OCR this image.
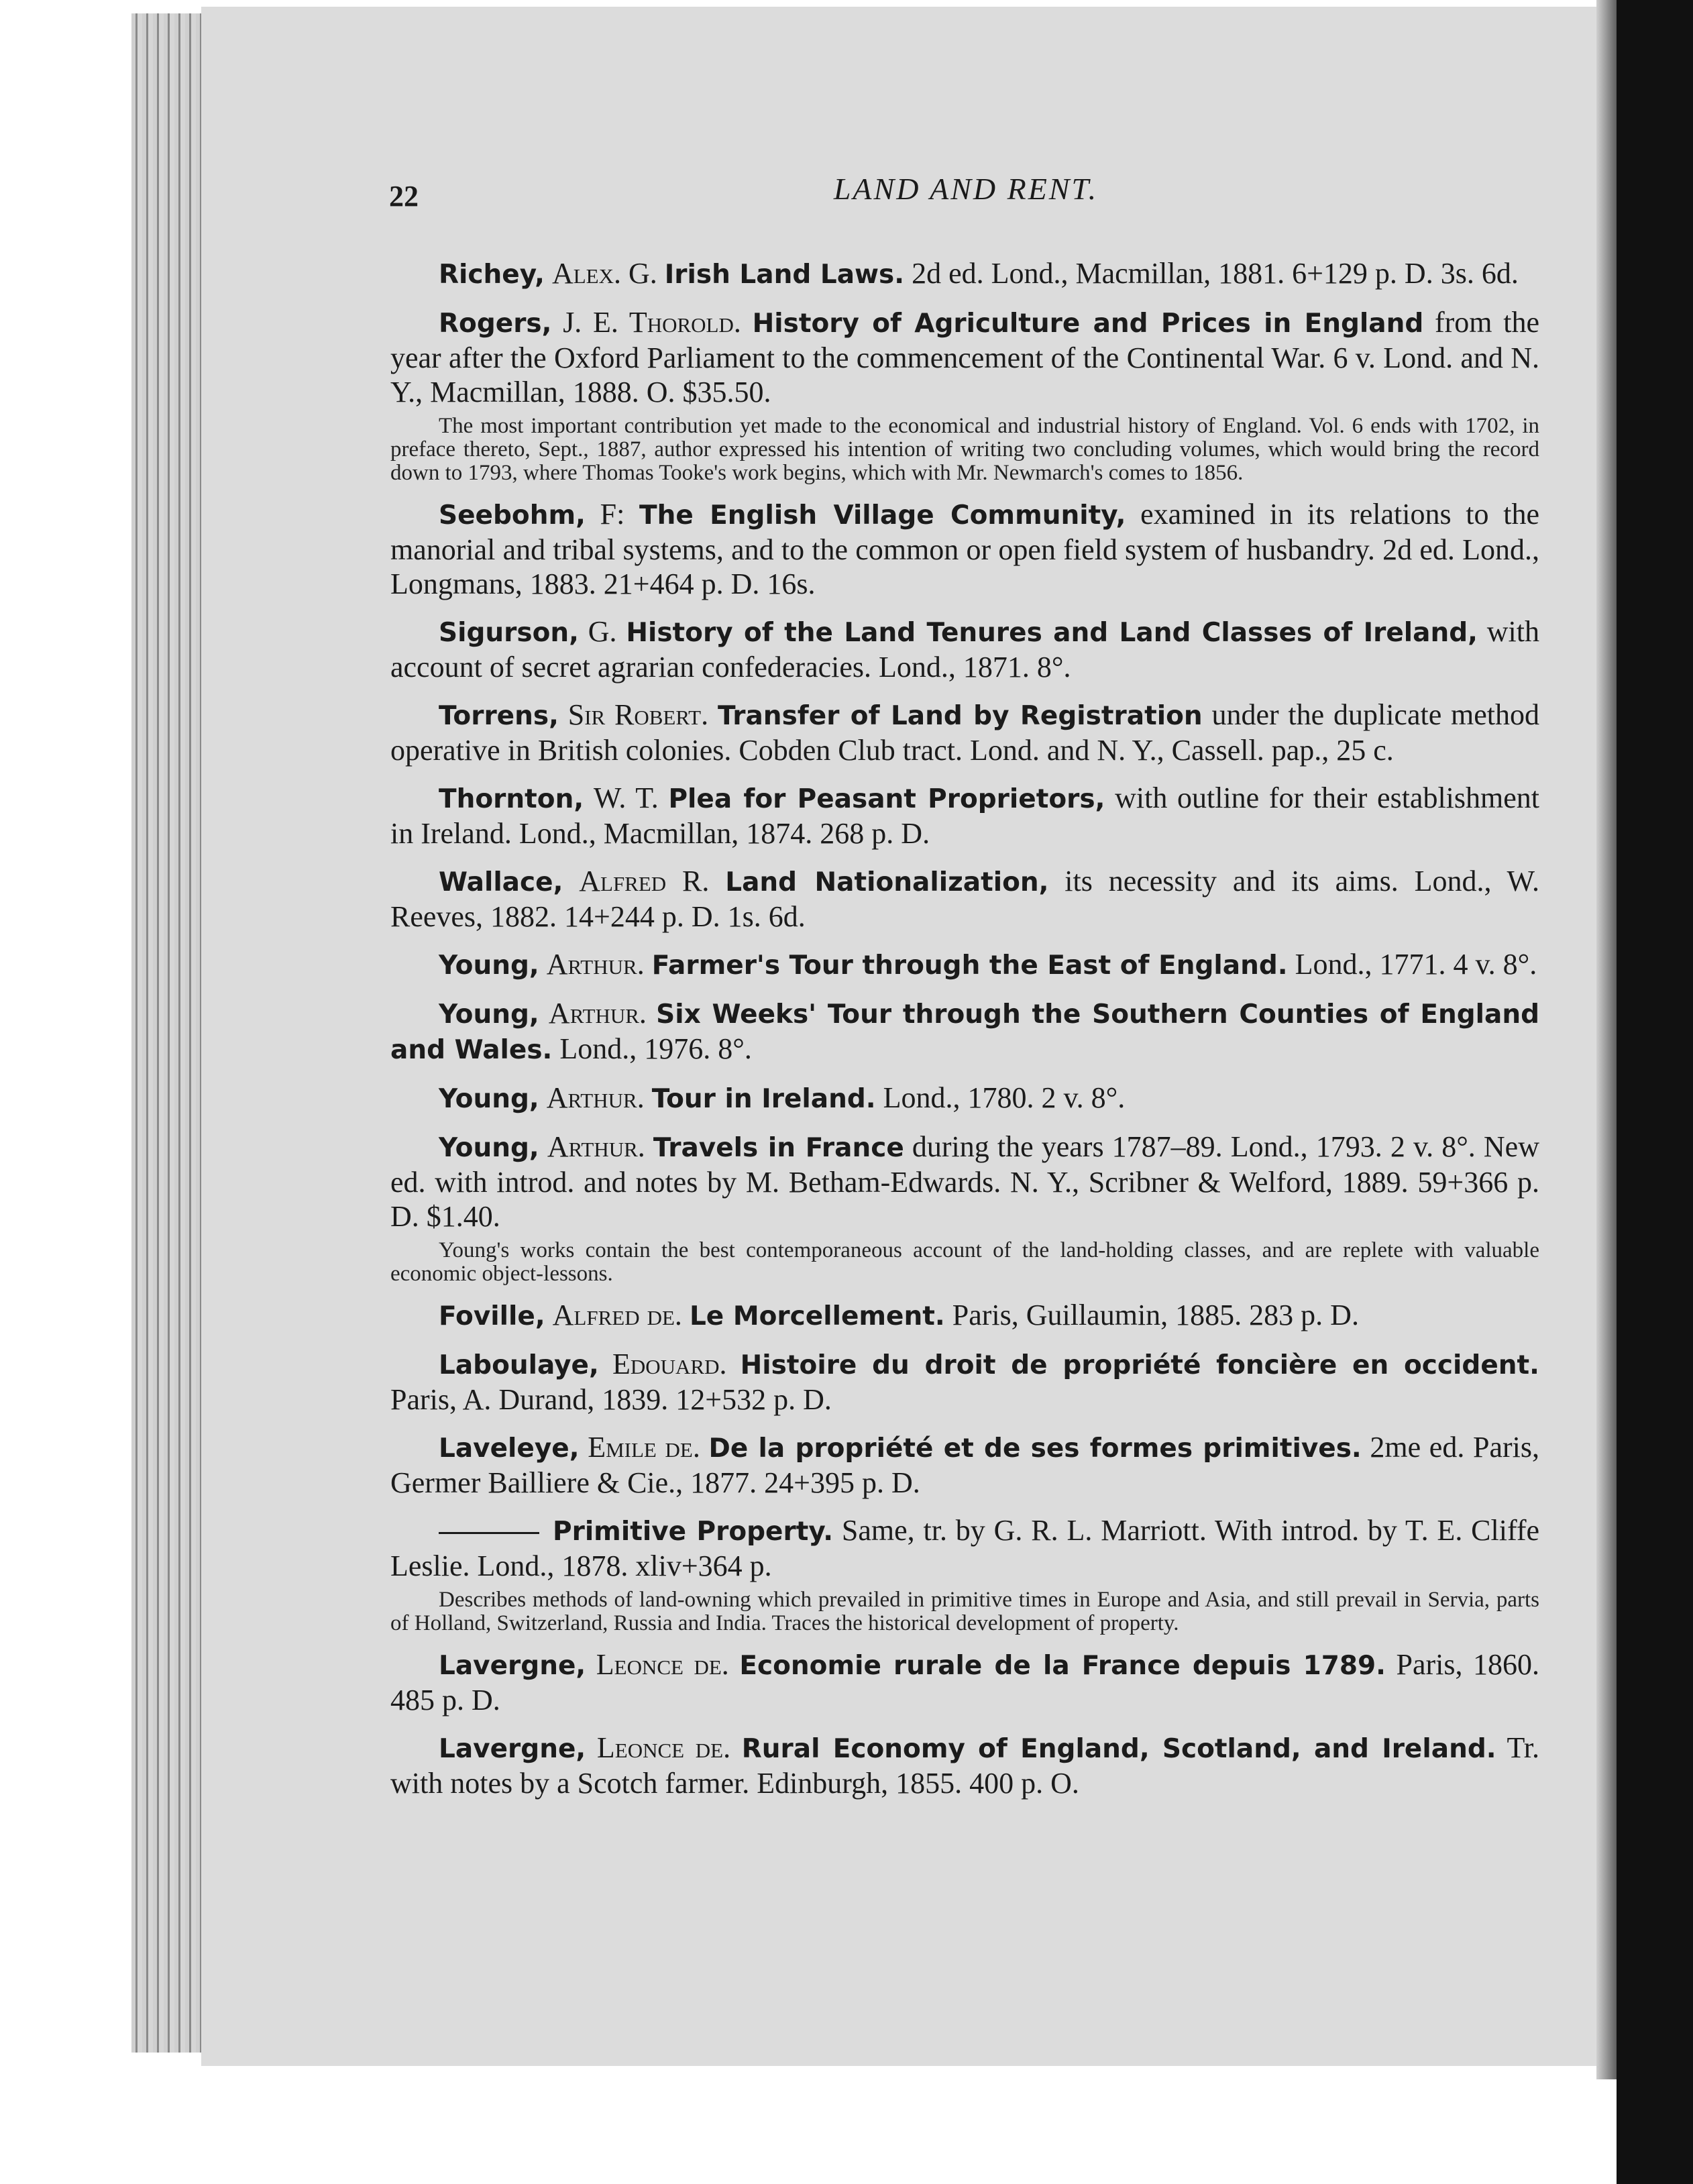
22	LAND AND RENT.

Richey, Alex. G. Irish Land Laws. 2d ed. Lond., Macmillan, 1881. 6+129 p. D. 3s. 6d.

Rogers, J. E. Thorold. History of Agriculture and Prices in England from the year after the Oxford Parliament to the commencement of the Continental War. 6 v. Lond. and N. Y., Macmillan, 1888. O. $35.50.

The most important contribution yet made to the economical and industrial history of England. Vol. 6 ends with 1702, in preface thereto, Sept., 1887, author expressed his intention of writing two concluding volumes, which would bring the record down to 1793, where Thomas Tooke's work begins, which with Mr. Newmarch's comes to 1856.

Seebohm, F: The English Village Community, examined in its relations to the manorial and tribal systems, and to the common or open field system of husbandry. 2d ed. Lond., Longmans, 1883. 21+464 p. D. 16s.

Sigurson, G. History of the Land Tenures and Land Classes of Ireland, with account of secret agrarian confederacies. Lond., 1871. 8°.

Torrens, Sir Robert. Transfer of Land by Registration under the duplicate method operative in British colonies. Cobden Club tract. Lond. and N. Y., Cassell. pap., 25 c.

Thornton, W. T. Plea for Peasant Proprietors, with outline for their establishment in Ireland. Lond., Macmillan, 1874. 268 p. D.

Wallace, Alfred R. Land Nationalization, its necessity and its aims. Lond., W. Reeves, 1882. 14+244 p. D. 1s. 6d.

Young, Arthur. Farmer's Tour through the East of England. Lond., 1771. 4 v. 8°.

Young, Arthur. Six Weeks' Tour through the Southern Counties of England and Wales. Lond., 1976. 8°.

Young, Arthur. Tour in Ireland. Lond., 1780. 2 v. 8°.

Young, Arthur. Travels in France during the years 1787–89. Lond., 1793. 2 v. 8°. New ed. with introd. and notes by M. Betham-Edwards. N. Y., Scribner & Welford, 1889. 59+366 p. D. $1.40.

Young's works contain the best contemporaneous account of the land-holding classes, and are replete with valuable economic object-lessons.

Foville, Alfred de. Le Morcellement. Paris, Guillaumin, 1885. 283 p. D.

Laboulaye, Edouard. Histoire du droit de propriété foncière en occident. Paris, A. Durand, 1839. 12+532 p. D.

Laveleye, Emile de. De la propriété et de ses formes primitives. 2me ed. Paris, Germer Bailliere & Cie., 1877. 24+395 p. D.

Primitive Property. Same, tr. by G. R. L. Marriott. With introd. by T. E. Cliffe Leslie. Lond., 1878. xliv+364 p.

Describes methods of land-owning which prevailed in primitive times in Europe and Asia, and still prevail in Servia, parts of Holland, Switzerland, Russia and India. Traces the historical development of property.

Lavergne, Leonce de. Economie rurale de la France depuis 1789. Paris, 1860. 485 p. D.

Lavergne, Leonce de. Rural Economy of England, Scotland, and Ireland. Tr. with notes by a Scotch farmer. Edinburgh, 1855. 400 p. O.
